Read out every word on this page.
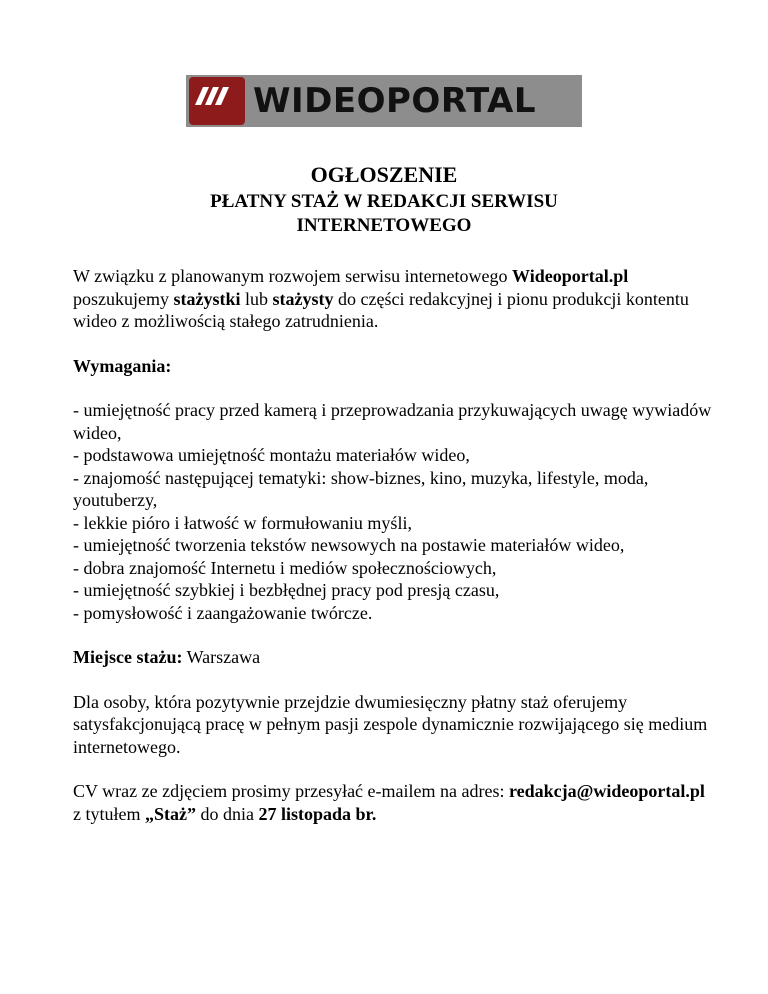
WIDEOPORTAL
OGŁOSZENIE
PŁATNY STAŻ W REDAKCJI SERWISU INTERNETOWEGO

W związku z planowanym rozwojem serwisu internetowego Wideoportal.pl poszukujemy stażystki lub stażysty do części redakcyjnej i pionu produkcji kontentu wideo z możliwością stałego zatrudnienia.

Wymagania:

- umiejętność pracy przed kamerą i przeprowadzania przykuwających uwagę wywiadów wideo,
- podstawowa umiejętność montażu materiałów wideo,
- znajomość następującej tematyki: show-biznes, kino, muzyka, lifestyle, moda, youtuberzy,
- lekkie pióro i łatwość w formułowaniu myśli,
- umiejętność tworzenia tekstów newsowych na postawie materiałów wideo,
- dobra znajomość Internetu i mediów społecznościowych,
- umiejętność szybkiej i bezbłędnej pracy pod presją czasu,
- pomysłowość i zaangażowanie twórcze.

Miejsce stażu: Warszawa

Dla osoby, która pozytywnie przejdzie dwumiesięczny płatny staż oferujemy satysfakcjonującą pracę w pełnym pasji zespole dynamicznie rozwijającego się medium internetowego.

CV wraz ze zdjęciem prosimy przesyłać e-mailem na adres: redakcja@wideoportal.pl z tytułem „Staż” do dnia 27 listopada br.
